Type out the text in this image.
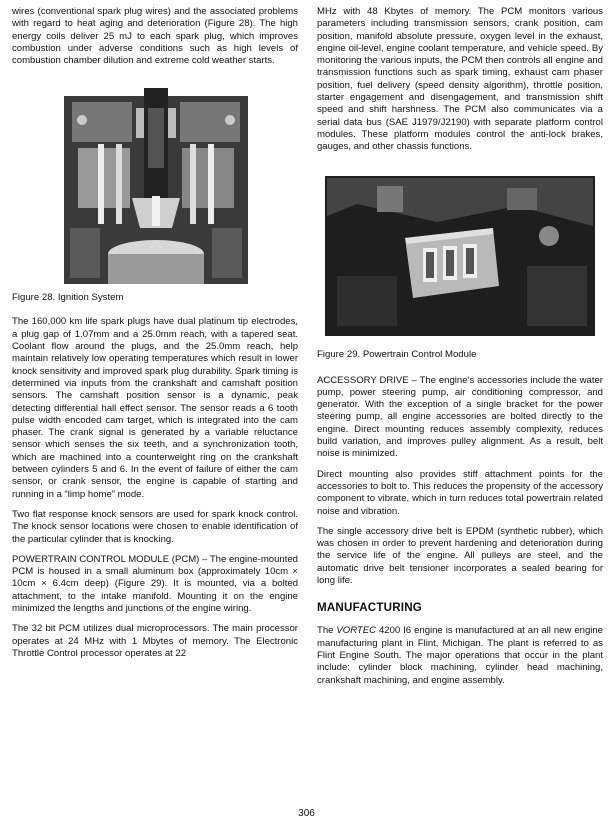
wires (conventional spark plug wires) and the associated problems with regard to heat aging and deterioration (Figure 28). The high energy coils deliver 25 mJ to each spark plug, which improves combustion under adverse conditions such as high levels of combustion chamber dilution and extreme cold weather starts.

Figure 28. Ignition System

The 160,000 km life spark plugs have dual platinum tip electrodes, a plug gap of 1.07mm and a 25.0mm reach, with a tapered seat. Coolant flow around the plugs, and the 25.0mm reach, help maintain relatively low operating temperatures which result in lower knock sensitivity and improved spark plug durability. Spark timing is determined via inputs from the crankshaft and camshaft position sensors. The camshaft position sensor is a dynamic, peak detecting differential hall effect sensor. The sensor reads a 6 tooth pulse width encoded cam target, which is integrated into the cam phaser. The crank signal is generated by a variable reluctance sensor which senses the six teeth, and a synchronization tooth, which are machined into a counterweight ring on the crankshaft between cylinders 5 and 6. In the event of failure of either the cam sensor, or crank sensor, the engine is capable of starting and running in a “limp home” mode.

Two flat response knock sensors are used for spark knock control. The knock sensor locations were chosen to enable identification of the particular cylinder that is knocking.

POWERTRAIN CONTROL MODULE (PCM) – The engine-mounted PCM is housed in a small aluminum box (approximately 10cm × 10cm × 6.4cm deep) (Figure 29). It is mounted, via a bolted attachment, to the intake manifold. Mounting it on the engine minimized the lengths and junctions of the engine wiring.

The 32 bit PCM utilizes dual microprocessors. The main processor operates at 24 MHz with 1 Mbytes of memory. The Electronic Throttle Control processor operates at 22

MHz with 48 Kbytes of memory. The PCM monitors various parameters including transmission sensors, crank position, cam position, manifold absolute pressure, oxygen level in the exhaust, engine oil-level, engine coolant temperature, and vehicle speed. By monitoring the various inputs, the PCM then controls all engine and transmission functions such as spark timing, exhaust cam phaser position, fuel delivery (speed density algorithm), throttle position, starter engagement and disengagement, and transmission shift speed and shift harshness. The PCM also communicates via a serial data bus (SAE J1979/J2190) with separate platform control modules. These platform modules control the anti-lock brakes, gauges, and other chassis functions.

Figure 29. Powertrain Control Module

ACCESSORY DRIVE – The engine’s accessories include the water pump, power steering pump, air conditioning compressor, and generator. With the exception of a single bracket for the power steering pump, all engine accessories are bolted directly to the engine. Direct mounting reduces assembly complexity, reduces build variation, and improves pulley alignment. As a result, belt noise is minimized.

Direct mounting also provides stiff attachment points for the accessories to bolt to. This reduces the propensity of the accessory component to vibrate, which in turn reduces total powertrain related noise and vibration.

The single accessory drive belt is EPDM (synthetic rubber), which was chosen in order to prevent hardening and deterioration during the service life of the engine. All pulleys are steel, and the automatic drive belt tensioner incorporates a sealed bearing for long life.

MANUFACTURING

The VORTEC 4200 I6 engine is manufactured at an all new engine manufacturing plant in Flint, Michigan. The plant is referred to as Flint Engine South. The major operations that occur in the plant include: cylinder block machining, cylinder head machining, crankshaft machining, and engine assembly.

306
